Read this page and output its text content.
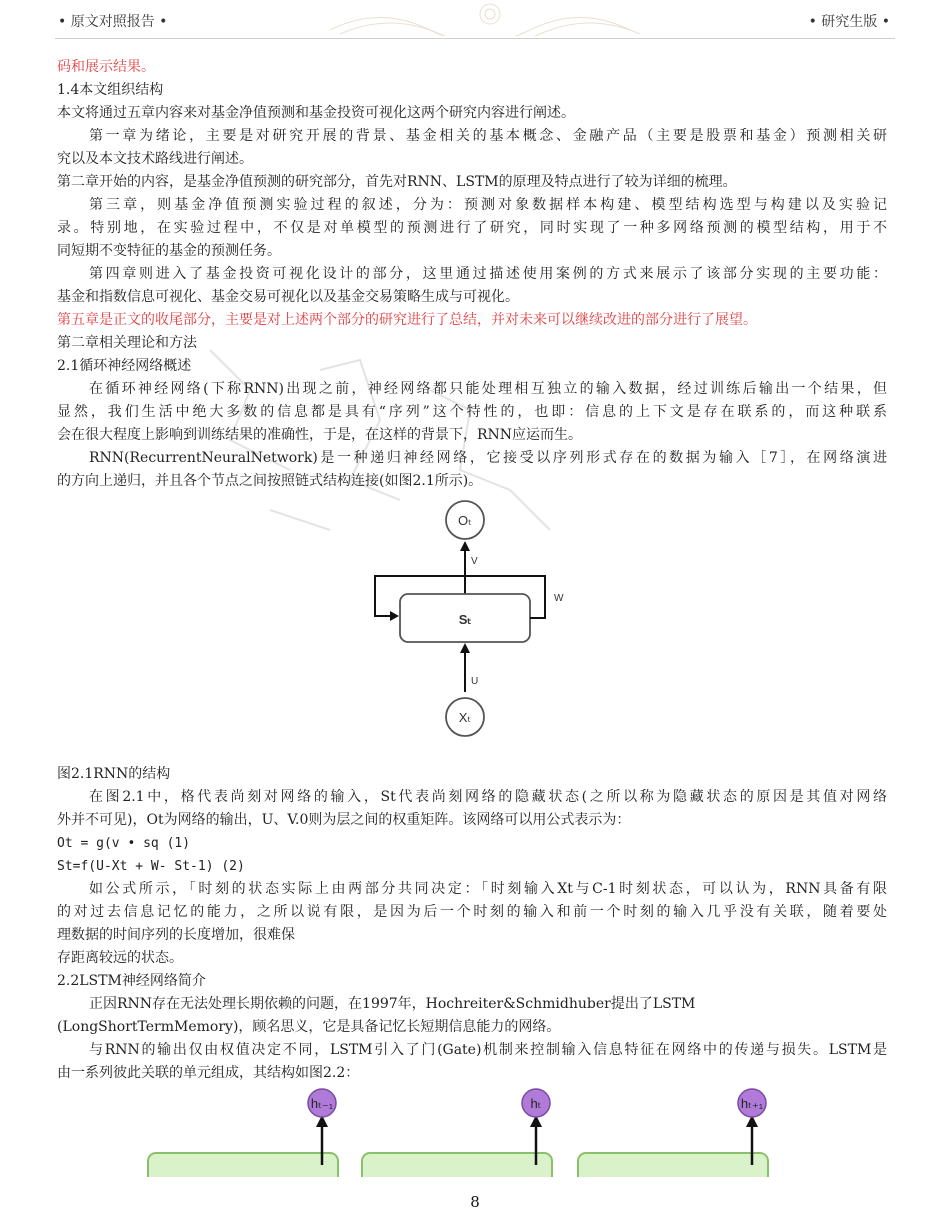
• 原文对照报告 •	• 研究生版 •
码和展示结果。
1.4本文组织结构
本文将通过五章内容来对基金净值预测和基金投资可视化这两个研究内容进行阐述。
第一章为绪论，主要是对研究开展的背景、基金相关的基本概念、金融产品（主要是股票和基金）预测相关研
究以及本文技术路线进行阐述。
第二章开始的内容，是基金净值预测的研究部分，首先对RNN、LSTM的原理及特点进行了较为详细的梳理。
第三章，则基金净值预测实验过程的叙述，分为：预测对象数据样本构建、模型结构选型与构建以及实验记
录。特别地，在实验过程中，不仅是对单模型的预测进行了研究，同时实现了一种多网络预测的模型结构，用于不
同短期不变特征的基金的预测任务。
第四章则进入了基金投资可视化设计的部分，这里通过描述使用案例的方式来展示了该部分实现的主要功能：
基金和指数信息可视化、基金交易可视化以及基金交易策略生成与可视化。
第五章是正文的收尾部分，主要是对上述两个部分的研究进行了总结，并对未来可以继续改进的部分进行了展望。
第二章相关理论和方法
2.1循环神经网络概述
在循环神经网络(下称RNN)出现之前，神经网络都只能处理相互独立的输入数据，经过训练后输出一个结果，但
显然，我们生活中绝大多数的信息都是具有“序列”这个特性的，也即：信息的上下文是存在联系的，而这种联系
会在很大程度上影响到训练结果的准确性，于是，在这样的背景下，RNN应运而生。
RNN(RecurrentNeuralNetwork)是一种递归神经网络，它接受以序列形式存在的数据为输入［7］，在网络演进
的方向上递归，并且各个节点之间按照链式结构连接(如图2.1所示)。
Oₜ
V
Sₜ
W
U
Xₜ
图2.1RNN的结构
在图2.1中，格代表尚刻对网络的输入，St代表尚刻网络的隐藏状态(之所以称为隐藏状态的原因是其值对网络
外并不可见)，Ot为网络的输出，U、V.0则为层之间的权重矩阵。该网络可以用公式表示为：
Ot = g(v • sq (1)
St=f(U-Xt + W- St-1) (2)
如公式所示，「时刻的状态实际上由两部分共同决定：「时刻输入Xt与C-1时刻状态，可以认为，RNN具备有限
的对过去信息记忆的能力，之所以说有限，是因为后一个时刻的输入和前一个时刻的输入几乎没有关联，随着要处
理数据的时间序列的长度增加，很难保
存距离较远的状态。
2.2LSTM神经网络简介
正因RNN存在无法处理长期依赖的问题，在1997年，Hochreiter&Schmidhuber提出了LSTM
(LongShortTermMemory)，顾名思义，它是具备记忆长短期信息能力的网络。
与RNN的输出仅由权值决定不同，LSTM引入了门(Gate)机制来控制输入信息特征在网络中的传递与损失。LSTM是
由一系列彼此关联的单元组成，其结构如图2.2：
hₜ₋₁	hₜ	hₜ₊₁
8
